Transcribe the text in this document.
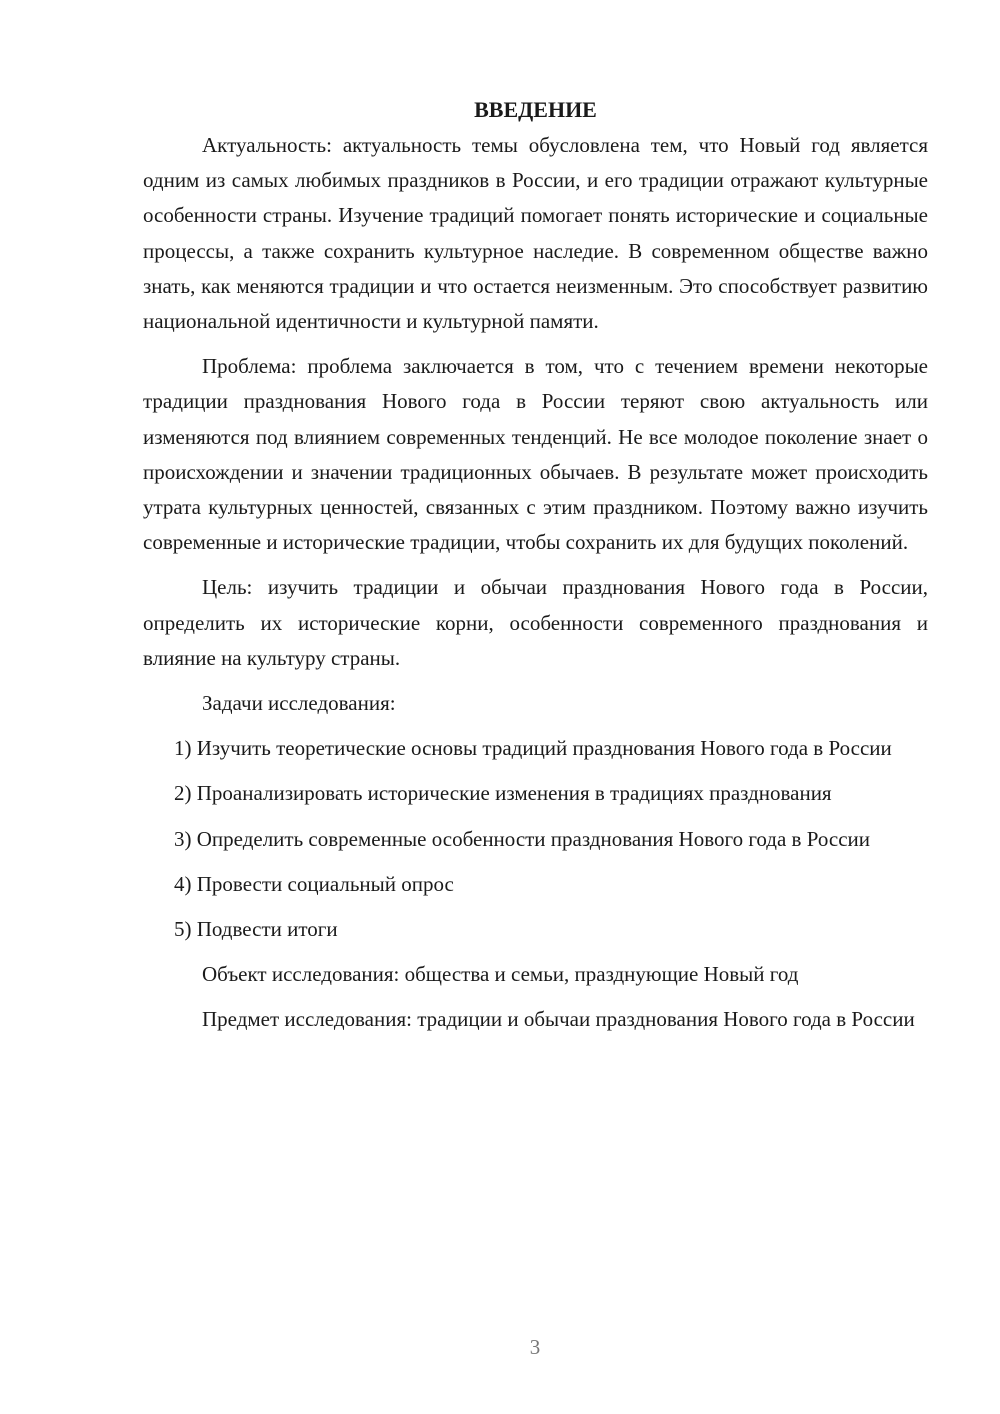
ВВЕДЕНИЕ

Актуальность: актуальность темы обусловлена тем, что Новый год является одним из самых любимых праздников в России, и его традиции отражают культурные особенности страны. Изучение традиций помогает понять исторические и социальные процессы, а также сохранить культурное наследие. В современном обществе важно знать, как меняются традиции и что остается неизменным. Это способствует развитию национальной идентичности и культурной памяти.

Проблема: проблема заключается в том, что с течением времени некоторые традиции празднования Нового года в России теряют свою актуальность или изменяются под влиянием современных тенденций. Не все молодое поколение знает о происхождении и значении традиционных обычаев. В результате может происходить утрата культурных ценностей, связанных с этим праздником. Поэтому важно изучить современные и исторические традиции, чтобы сохранить их для будущих поколений.

Цель: изучить традиции и обычаи празднования Нового года в России, определить их исторические корни, особенности современного празднования и влияние на культуру страны.

Задачи исследования:

1) Изучить теоретические основы традиций празднования Нового года в России

2) Проанализировать исторические изменения в традициях празднования

3) Определить современные особенности празднования Нового года в России

4) Провести социальный опрос

5) Подвести итоги

Объект исследования: общества и семьи, празднующие Новый год

Предмет исследования: традиции и обычаи празднования Нового года в России

3
